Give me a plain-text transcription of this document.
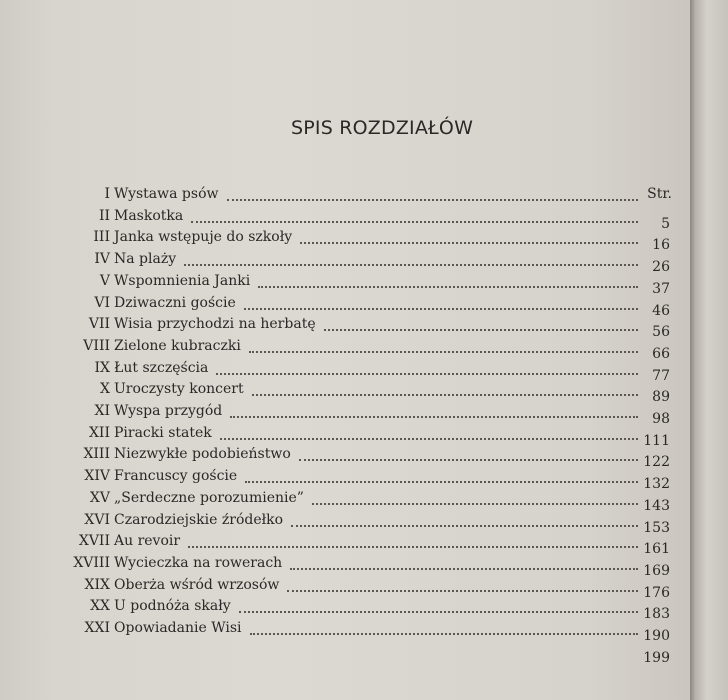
SPIS ROZDZIAŁÓW
Str.
I Wystawa psów
II Maskotka	5
III Janka wstępuje do szkoły	16
IV Na plaży	26
V Wspomnienia Janki	37
VI Dziwaczni goście	46
VII Wisia przychodzi na herbatę	56
VIII Zielone kubraczki	66
IX Łut szczęścia	77
X Uroczysty koncert	89
XI Wyspa przygód	98
XII Piracki statek	111
XIII Niezwykłe podobieństwo	122
XIV Francuscy goście	132
XV „Serdeczne porozumienie”	143
XVI Czarodziejskie źródełko	153
XVII Au revoir	161
XVIII Wycieczka na rowerach	169
XIX Oberża wśród wrzosów	176
XX U podnóża skały	183
XXI Opowiadanie Wisi	190
199
